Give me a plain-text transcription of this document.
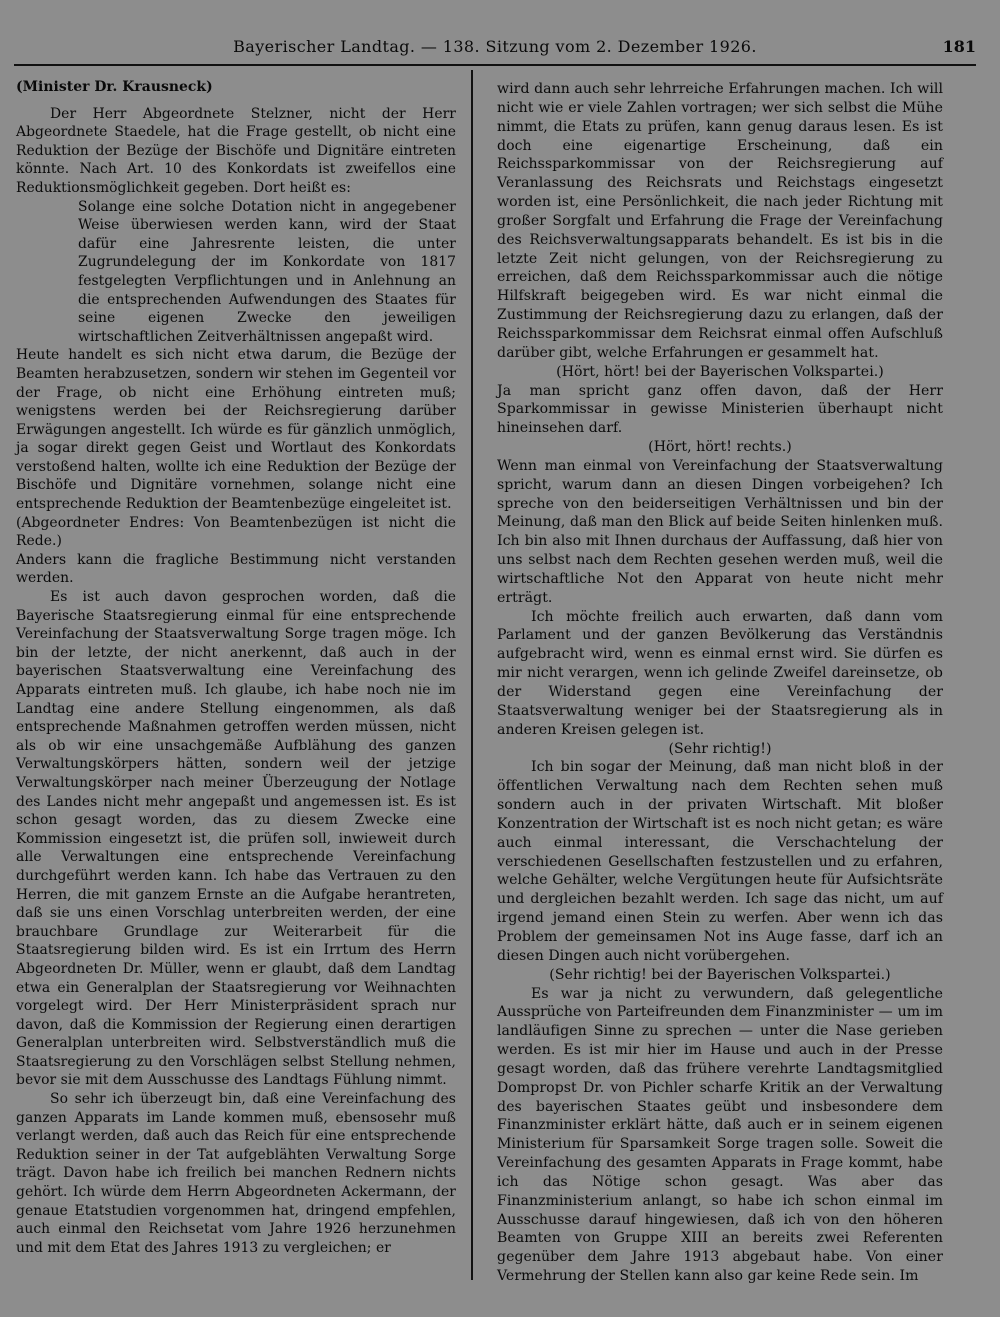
Bayerischer Landtag. — 138. Sitzung vom 2. Dezember 1926.	181

(Minister Dr. Krausneck)

Der Herr Abgeordnete Stelzner, nicht der Herr Abgeordnete Staedele, hat die Frage gestellt, ob nicht eine Reduktion der Bezüge der Bischöfe und Dignitäre eintreten könnte. Nach Art. 10 des Konkordats ist zweifellos eine Reduktionsmöglichkeit gegeben. Dort heißt es:

Solange eine solche Dotation nicht in angegebener Weise überwiesen werden kann, wird der Staat dafür eine Jahresrente leisten, die unter Zugrundelegung der im Konkordate von 1817 festgelegten Verpflichtungen und in Anlehnung an die entsprechenden Aufwendungen des Staates für seine eigenen Zwecke den jeweiligen wirtschaftlichen Zeitverhältnissen angepaßt wird.

Heute handelt es sich nicht etwa darum, die Bezüge der Beamten herabzusetzen, sondern wir stehen im Gegenteil vor der Frage, ob nicht eine Erhöhung eintreten muß; wenigstens werden bei der Reichsregierung darüber Erwägungen angestellt. Ich würde es für gänzlich unmöglich, ja sogar direkt gegen Geist und Wortlaut des Konkordats verstoßend halten, wollte ich eine Reduktion der Bezüge der Bischöfe und Dignitäre vornehmen, solange nicht eine entsprechende Reduktion der Beamtenbezüge eingeleitet ist.

(Abgeordneter Endres: Von Beamtenbezügen ist nicht die Rede.)

Anders kann die fragliche Bestimmung nicht verstanden werden.

Es ist auch davon gesprochen worden, daß die Bayerische Staatsregierung einmal für eine entsprechende Vereinfachung der Staatsverwaltung Sorge tragen möge. Ich bin der letzte, der nicht anerkennt, daß auch in der bayerischen Staatsverwaltung eine Vereinfachung des Apparats eintreten muß. Ich glaube, ich habe noch nie im Landtag eine andere Stellung eingenommen, als daß entsprechende Maßnahmen getroffen werden müssen, nicht als ob wir eine unsachgemäße Aufblähung des ganzen Verwaltungskörpers hätten, sondern weil der jetzige Verwaltungskörper nach meiner Überzeugung der Notlage des Landes nicht mehr angepaßt und angemessen ist. Es ist schon gesagt worden, das zu diesem Zwecke eine Kommission eingesetzt ist, die prüfen soll, inwieweit durch alle Verwaltungen eine entsprechende Vereinfachung durchgeführt werden kann. Ich habe das Vertrauen zu den Herren, die mit ganzem Ernste an die Aufgabe herantreten, daß sie uns einen Vorschlag unterbreiten werden, der eine brauchbare Grundlage zur Weiterarbeit für die Staatsregierung bilden wird. Es ist ein Irrtum des Herrn Abgeordneten Dr. Müller, wenn er glaubt, daß dem Landtag etwa ein Generalplan der Staatsregierung vor Weihnachten vorgelegt wird. Der Herr Ministerpräsident sprach nur davon, daß die Kommission der Regierung einen derartigen Generalplan unterbreiten wird. Selbstverständlich muß die Staatsregierung zu den Vorschlägen selbst Stellung nehmen, bevor sie mit dem Ausschusse des Landtags Fühlung nimmt.

So sehr ich überzeugt bin, daß eine Vereinfachung des ganzen Apparats im Lande kommen muß, ebensosehr muß verlangt werden, daß auch das Reich für eine entsprechende Reduktion seiner in der Tat aufgeblähten Verwaltung Sorge trägt. Davon habe ich freilich bei manchen Rednern nichts gehört. Ich würde dem Herrn Abgeordneten Ackermann, der genaue Etatstudien vorgenommen hat, dringend empfehlen, auch einmal den Reichsetat vom Jahre 1926 herzunehmen und mit dem Etat des Jahres 1913 zu vergleichen; er

wird dann auch sehr lehrreiche Erfahrungen machen. Ich will nicht wie er viele Zahlen vortragen; wer sich selbst die Mühe nimmt, die Etats zu prüfen, kann genug daraus lesen. Es ist doch eine eigenartige Erscheinung, daß ein Reichssparkommissar von der Reichsregierung auf Veranlassung des Reichsrats und Reichstags eingesetzt worden ist, eine Persönlichkeit, die nach jeder Richtung mit großer Sorgfalt und Erfahrung die Frage der Vereinfachung des Reichsverwaltungsapparats behandelt. Es ist bis in die letzte Zeit nicht gelungen, von der Reichsregierung zu erreichen, daß dem Reichssparkommissar auch die nötige Hilfskraft beigegeben wird. Es war nicht einmal die Zustimmung der Reichsregierung dazu zu erlangen, daß der Reichssparkommissar dem Reichsrat einmal offen Aufschluß darüber gibt, welche Erfahrungen er gesammelt hat.

(Hört, hört! bei der Bayerischen Volkspartei.)

Ja man spricht ganz offen davon, daß der Herr Sparkommissar in gewisse Ministerien überhaupt nicht hineinsehen darf.

(Hört, hört! rechts.)

Wenn man einmal von Vereinfachung der Staatsverwaltung spricht, warum dann an diesen Dingen vorbeigehen? Ich spreche von den beiderseitigen Verhältnissen und bin der Meinung, daß man den Blick auf beide Seiten hinlenken muß. Ich bin also mit Ihnen durchaus der Auffassung, daß hier von uns selbst nach dem Rechten gesehen werden muß, weil die wirtschaftliche Not den Apparat von heute nicht mehr erträgt.

Ich möchte freilich auch erwarten, daß dann vom Parlament und der ganzen Bevölkerung das Verständnis aufgebracht wird, wenn es einmal ernst wird. Sie dürfen es mir nicht verargen, wenn ich gelinde Zweifel dareinsetze, ob der Widerstand gegen eine Vereinfachung der Staatsverwaltung weniger bei der Staatsregierung als in anderen Kreisen gelegen ist.

(Sehr richtig!)

Ich bin sogar der Meinung, daß man nicht bloß in der öffentlichen Verwaltung nach dem Rechten sehen muß sondern auch in der privaten Wirtschaft. Mit bloßer Konzentration der Wirtschaft ist es noch nicht getan; es wäre auch einmal interessant, die Verschachtelung der verschiedenen Gesellschaften festzustellen und zu erfahren, welche Gehälter, welche Vergütungen heute für Aufsichtsräte und dergleichen bezahlt werden. Ich sage das nicht, um auf irgend jemand einen Stein zu werfen. Aber wenn ich das Problem der gemeinsamen Not ins Auge fasse, darf ich an diesen Dingen auch nicht vorübergehen.

(Sehr richtig! bei der Bayerischen Volkspartei.)

Es war ja nicht zu verwundern, daß gelegentliche Aussprüche von Parteifreunden dem Finanzminister — um im landläufigen Sinne zu sprechen — unter die Nase gerieben werden. Es ist mir hier im Hause und auch in der Presse gesagt worden, daß das frühere verehrte Landtagsmitglied Dompropst Dr. von Pichler scharfe Kritik an der Verwaltung des bayerischen Staates geübt und insbesondere dem Finanzminister erklärt hätte, daß auch er in seinem eigenen Ministerium für Sparsamkeit Sorge tragen solle. Soweit die Vereinfachung des gesamten Apparats in Frage kommt, habe ich das Nötige schon gesagt. Was aber das Finanzministerium anlangt, so habe ich schon einmal im Ausschusse darauf hingewiesen, daß ich von den höheren Beamten von Gruppe XIII an bereits zwei Referenten gegenüber dem Jahre 1913 abgebaut habe. Von einer Vermehrung der Stellen kann also gar keine Rede sein. Im
